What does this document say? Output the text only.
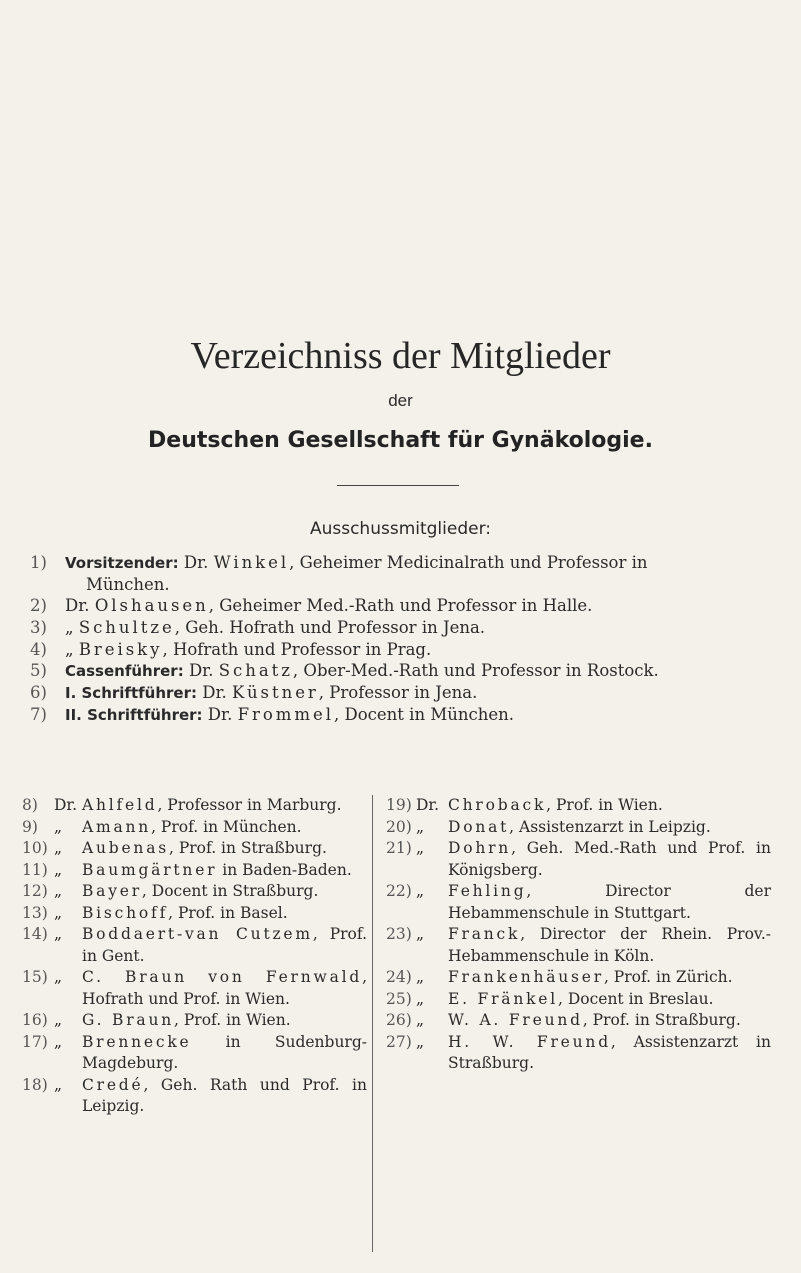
Verzeichniss der Mitglieder
der
Deutschen Gesellschaft für Gynäkologie.
Ausschussmitglieder:
1)	Vorsitzender: Dr. Winkel, Geheimer Medicinalrath und Professor in
München.
2)	Dr. Olshausen, Geheimer Med.-Rath und Professor in Halle.
3)	„ Schultze, Geh. Hofrath und Professor in Jena.
4)	„ Breisky, Hofrath und Professor in Prag.
5)	Cassenführer: Dr. Schatz, Ober-Med.-Rath und Professor in Rostock.
6)	I. Schriftführer: Dr. Küstner, Professor in Jena.
7)	II. Schriftführer: Dr. Frommel, Docent in München.
8)	Dr. Ahlfeld, Professor in Marburg.
9)	„ Amann, Prof. in München.
10) „ Aubenas, Prof. in Straßburg.
11) „ Baumgärtner in Baden-Baden.
12) „ Bayer, Docent in Straßburg.
13) „ Bischoff, Prof. in Basel.
14) „ Boddaert-van Cutzem, Prof. in Gent.
15) „ C. Braun von Fernwald, Hofrath und Prof. in Wien.
16) „ G. Braun, Prof. in Wien.
17) „ Brennecke in Sudenburg-Magdeburg.
18) „ Credé, Geh. Rath und Prof. in Leipzig.
19) Dr. Chroback, Prof. in Wien.
20) „ Donat, Assistenzarzt in Leipzig.
21) „ Dohrn, Geh. Med.-Rath und Prof. in Königsberg.
22) „ Fehling, Director der Hebammenschule in Stuttgart.
23) „ Franck, Director der Rhein. Prov.-Hebammenschule in Köln.
24) „ Frankenhäuser, Prof. in Zürich.
25) „ E. Fränkel, Docent in Breslau.
26) „ W. A. Freund, Prof. in Straßburg.
27) „ H. W. Freund, Assistenzarzt in Straßburg.
